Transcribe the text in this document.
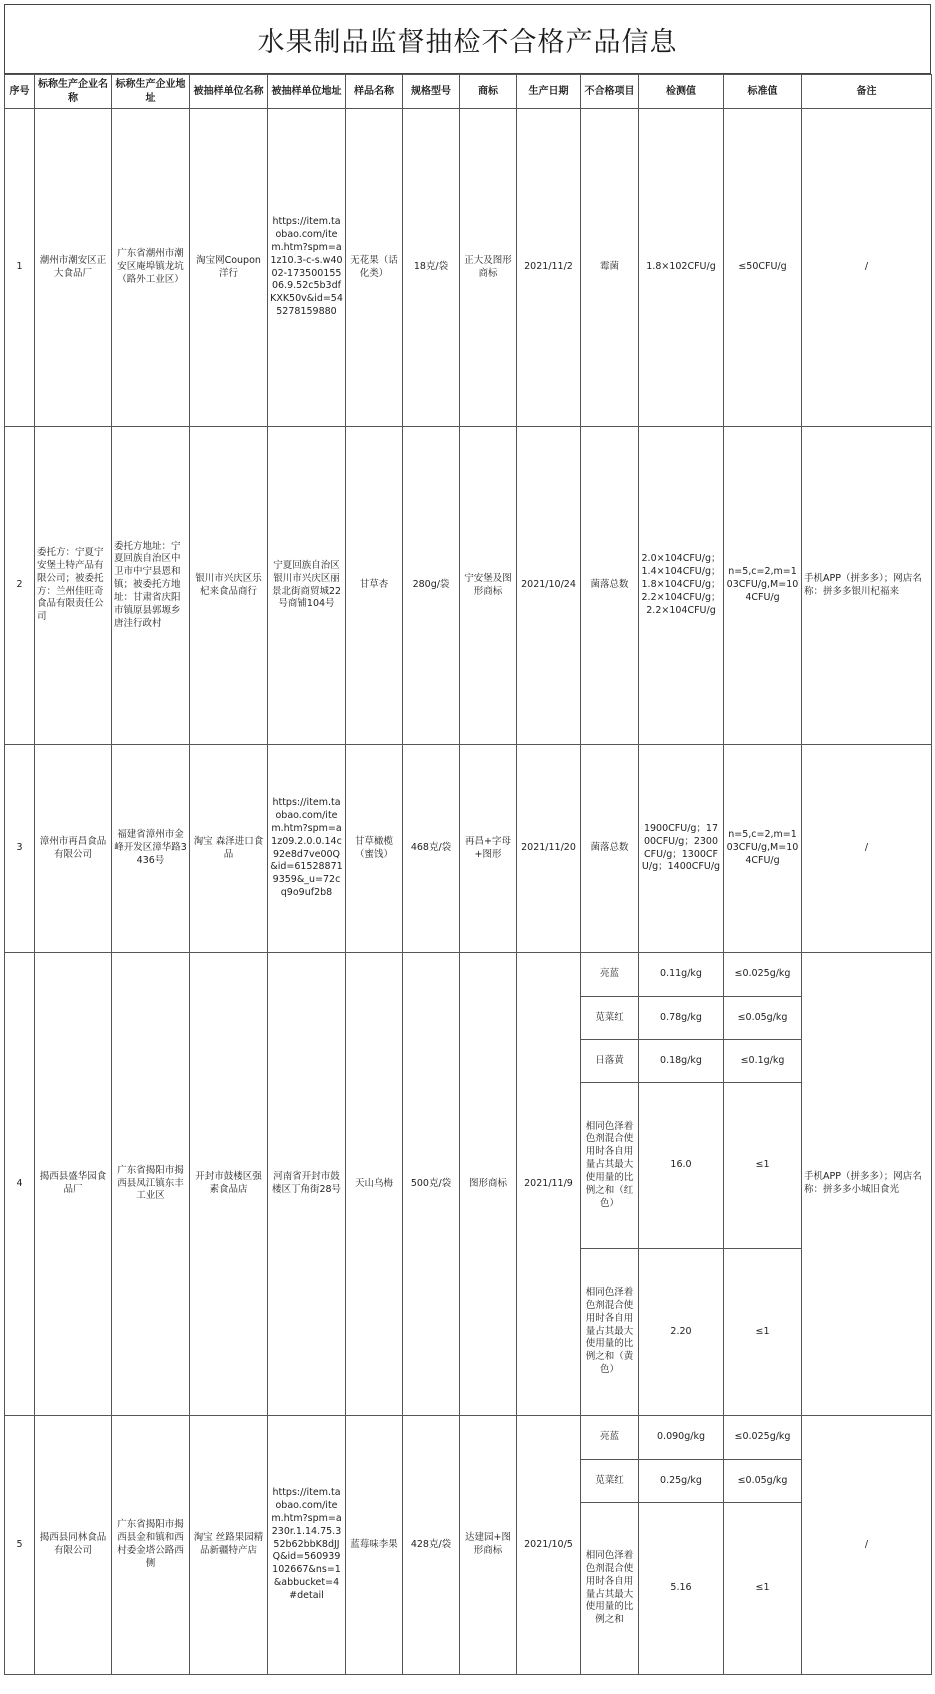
水果制品监督抽检不合格产品信息
序号	标称生产企业名称	标称生产企业地址	被抽样单位名称	被抽样单位地址	样品名称	规格型号	商标	生产日期	不合格项目	检测值	标准值	备注
1	潮州市潮安区正大食品厂	广东省潮州市潮安区庵埠镇龙坑（路外工业区）	淘宝网Coupon洋行	https://item.taobao.com/item.htm?spm=a1z10.3-c-s.w4002-17350015506.9.52c5b3dfKXK50v&id=545278159880	无花果（话化类）	18克/袋	正大及图形商标	2021/11/2	霉菌	1.8×102CFU/g	≤50CFU/g	/
2	委托方：宁夏宁安堡土特产品有限公司；被委托方：兰州佳旺奇食品有限责任公司	委托方地址：宁夏回族自治区中卫市中宁县恩和镇；被委托方地址：甘肃省庆阳市镇原县郭塬乡唐洼行政村	银川市兴庆区乐杞来食品商行	宁夏回族自治区银川市兴庆区丽景北街商贸城22号商铺104号	甘草杏	280g/袋	宁安堡及图形商标	2021/10/24	菌落总数	2.0×104CFU/g；1.4×104CFU/g；1.8×104CFU/g；2.2×104CFU/g；2.2×104CFU/g	n=5,c=2,m=103CFU/g,M=104CFU/g	手机APP（拼多多）；网店名称：拼多多银川杞福来
3	漳州市再昌食品有限公司	福建省漳州市金峰开发区漳华路3436号	淘宝 森泽进口食品	https://item.taobao.com/item.htm?spm=a1z09.2.0.0.14c92e8d7ve00Q&id=615288719359&_u=72cq9o9uf2b8	甘草橄榄（蜜饯）	468克/袋	再昌+字母+图形	2021/11/20	菌落总数	1900CFU/g；1700CFU/g；2300CFU/g；1300CFU/g；1400CFU/g	n=5,c=2,m=103CFU/g,M=104CFU/g	/
4	揭西县盛华园食品厂	广东省揭阳市揭西县凤江镇东丰工业区	开封市鼓楼区强素食品店	河南省开封市鼓楼区丁角街28号	天山乌梅	500克/袋	图形商标	2021/11/9	亮蓝	0.11g/kg	≤0.025g/kg	手机APP（拼多多）；网店名称：拼多多小城旧食光
									苋菜红	0.78g/kg	≤0.05g/kg	
									日落黄	0.18g/kg	≤0.1g/kg	
									相同色泽着色剂混合使用时各自用量占其最大使用量的比例之和（红色）	16.0	≤1	
									相同色泽着色剂混合使用时各自用量占其最大使用量的比例之和（黄色）	2.20	≤1	
5	揭西县同林食品有限公司	广东省揭阳市揭西县金和镇和西村委金塔公路西侧	淘宝 丝路果园精品新疆特产店	https://item.taobao.com/item.htm?spm=a230r.1.14.75.352b62bbK8dJJQ&id=560939102667&ns=1&abbucket=4#detail	蓝莓味李果	428克/袋	达建园+图形商标	2021/10/5	亮蓝	0.090g/kg	≤0.025g/kg	/
									苋菜红	0.25g/kg	≤0.05g/kg	
									相同色泽着色剂混合使用时各自用量占其最大使用量的比例之和	5.16	≤1	
